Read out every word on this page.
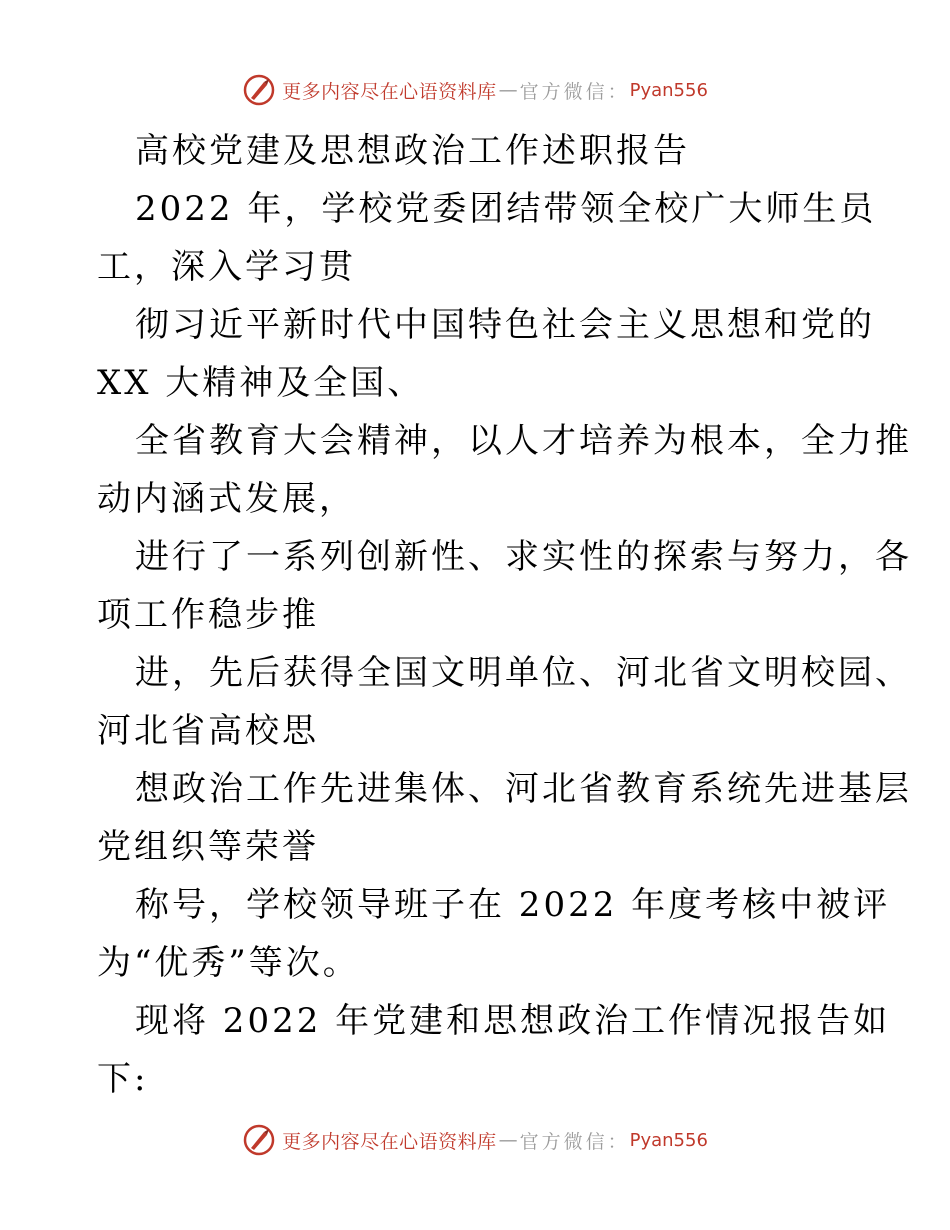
更多内容尽在心语资料库 — 官方微信： Pyan556
高校党建及思想政治工作述职报告
2022 年，学校党委团结带领全校广大师生员
工，深入学习贯
彻习近平新时代中国特色社会主义思想和党的
XX 大精神及全国、
全省教育大会精神，以人才培养为根本，全力推
动内涵式发展，
进行了一系列创新性、求实性的探索与努力，各
项工作稳步推
进，先后获得全国文明单位、河北省文明校园、
河北省高校思
想政治工作先进集体、河北省教育系统先进基层
党组织等荣誉
称号，学校领导班子在 2022 年度考核中被评
为“优秀”等次。
现将 2022 年党建和思想政治工作情况报告如
下:
更多内容尽在心语资料库 — 官方微信： Pyan556
